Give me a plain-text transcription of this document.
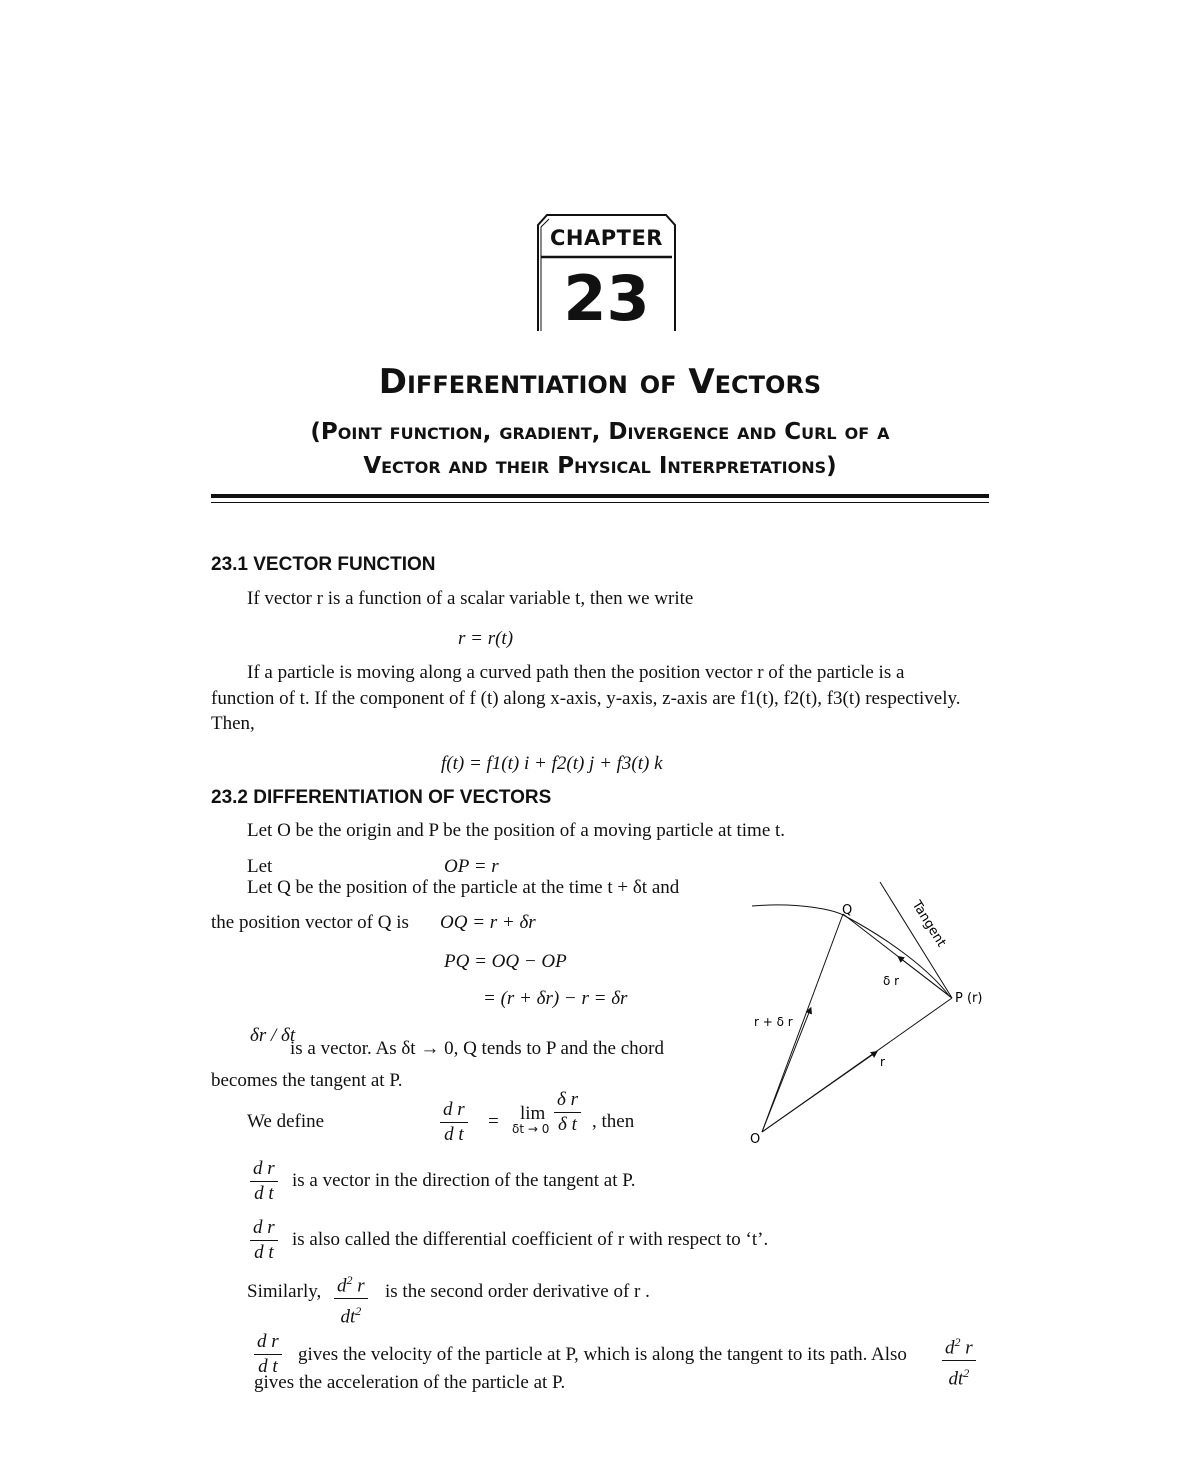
CHAPTER
23
Differentiation of Vectors
(Point function, gradient, Divergence and Curl of a
Vector and their Physical Interpretations)
23.1 VECTOR FUNCTION
If vector r is a function of a scalar variable t, then we write
r = r(t)
If a particle is moving along a curved path then the position vector r of the particle is a
function of t. If the component of f (t) along x-axis, y-axis, z-axis are f1(t), f2(t), f3(t) respectively.
Then,
f(t) = f1(t) i + f2(t) j + f3(t) k
23.2 DIFFERENTIATION OF VECTORS
Let O be the origin and P be the position of a moving particle at time t.
Let	OP = r
Let Q be the position of the particle at the time t + δt and
the position vector of Q is OQ = r + δr
PQ = OQ − OP
= (r + δr) − r = δr
δr / δt
is a vector. As δt → 0, Q tends to P and the chord
becomes the tangent at P.
We define	$\frac{\text{d r}}{\text{d t}} = \lim$
$\delta t \to 0 \frac{\text{δ r}}{\text{δ t}}$ , then
$\frac{\text{d r}}{\text{d t}}$ is a vector in the direction of the tangent at P.
$\frac{\text{d r}}{\text{d t}}$ is also called the differential coefficient of r with respect to ‘t’.
Similarly, $\frac{d^2 r}{dt^2}$ is the second order derivative of r .
$\frac{\text{d r}}{\text{d t}}$ gives the velocity of the particle at P, which is along the tangent to its path. Also $\frac{d^2 r}{dt^2}$
gives the acceleration of the particle at P.
Q
P (r)
O
δ r
r + δ r
r
Tangent
